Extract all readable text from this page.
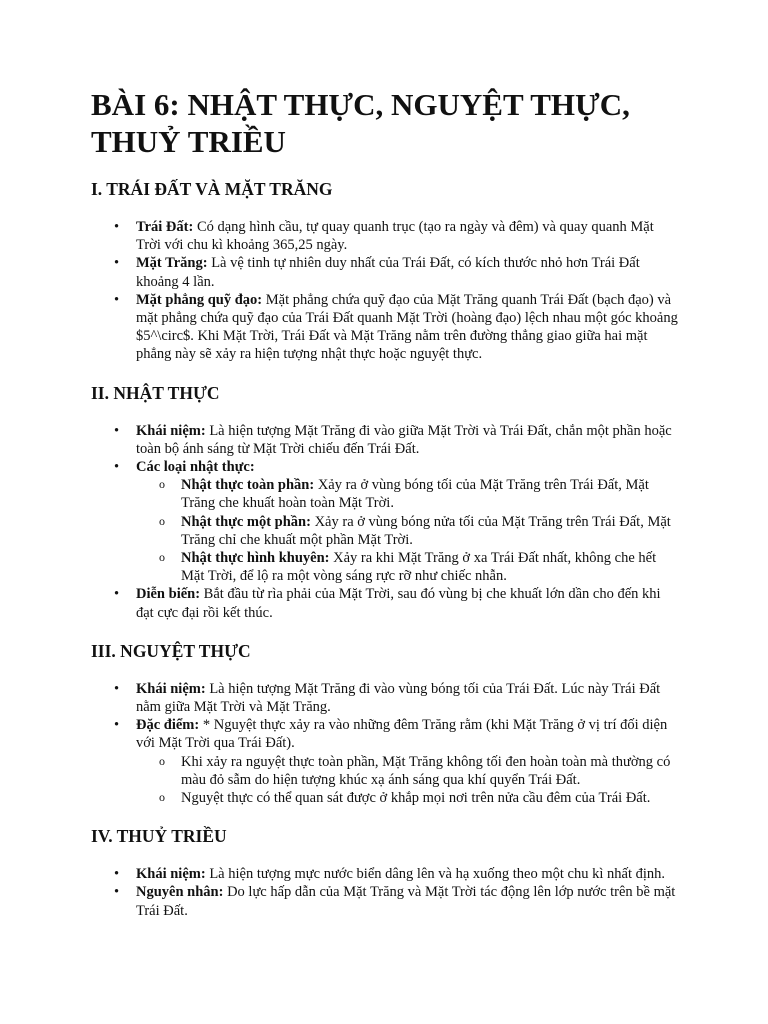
BÀI 6: NHẬT THỰC, NGUYỆT THỰC, THUỶ TRIỀU
I. TRÁI ĐẤT VÀ MẶT TRĂNG
• Trái Đất: Có dạng hình cầu, tự quay quanh trục (tạo ra ngày và đêm) và quay quanh Mặt Trời với chu kì khoảng 365,25 ngày.
• Mặt Trăng: Là vệ tinh tự nhiên duy nhất của Trái Đất, có kích thước nhỏ hơn Trái Đất khoảng 4 lần.
• Mặt phẳng quỹ đạo: Mặt phẳng chứa quỹ đạo của Mặt Trăng quanh Trái Đất (bạch đạo) và mặt phẳng chứa quỹ đạo của Trái Đất quanh Mặt Trời (hoàng đạo) lệch nhau một góc khoảng $5^\circ$. Khi Mặt Trời, Trái Đất và Mặt Trăng nằm trên đường thẳng giao giữa hai mặt phẳng này sẽ xảy ra hiện tượng nhật thực hoặc nguyệt thực.
II. NHẬT THỰC
• Khái niệm: Là hiện tượng Mặt Trăng đi vào giữa Mặt Trời và Trái Đất, chắn một phần hoặc toàn bộ ánh sáng từ Mặt Trời chiếu đến Trái Đất.
• Các loại nhật thực:
o Nhật thực toàn phần: Xảy ra ở vùng bóng tối của Mặt Trăng trên Trái Đất, Mặt Trăng che khuất hoàn toàn Mặt Trời.
o Nhật thực một phần: Xảy ra ở vùng bóng nửa tối của Mặt Trăng trên Trái Đất, Mặt Trăng chỉ che khuất một phần Mặt Trời.
o Nhật thực hình khuyên: Xảy ra khi Mặt Trăng ở xa Trái Đất nhất, không che hết Mặt Trời, để lộ ra một vòng sáng rực rỡ như chiếc nhẫn.
• Diễn biến: Bắt đầu từ rìa phải của Mặt Trời, sau đó vùng bị che khuất lớn dần cho đến khi đạt cực đại rồi kết thúc.
III. NGUYỆT THỰC
• Khái niệm: Là hiện tượng Mặt Trăng đi vào vùng bóng tối của Trái Đất. Lúc này Trái Đất nằm giữa Mặt Trời và Mặt Trăng.
• Đặc điểm: * Nguyệt thực xảy ra vào những đêm Trăng rằm (khi Mặt Trăng ở vị trí đối diện với Mặt Trời qua Trái Đất).
o Khi xảy ra nguyệt thực toàn phần, Mặt Trăng không tối đen hoàn toàn mà thường có màu đỏ sẫm do hiện tượng khúc xạ ánh sáng qua khí quyển Trái Đất.
o Nguyệt thực có thể quan sát được ở khắp mọi nơi trên nửa cầu đêm của Trái Đất.
IV. THUỶ TRIỀU
• Khái niệm: Là hiện tượng mực nước biển dâng lên và hạ xuống theo một chu kì nhất định.
• Nguyên nhân: Do lực hấp dẫn của Mặt Trăng và Mặt Trời tác động lên lớp nước trên bề mặt Trái Đất.
